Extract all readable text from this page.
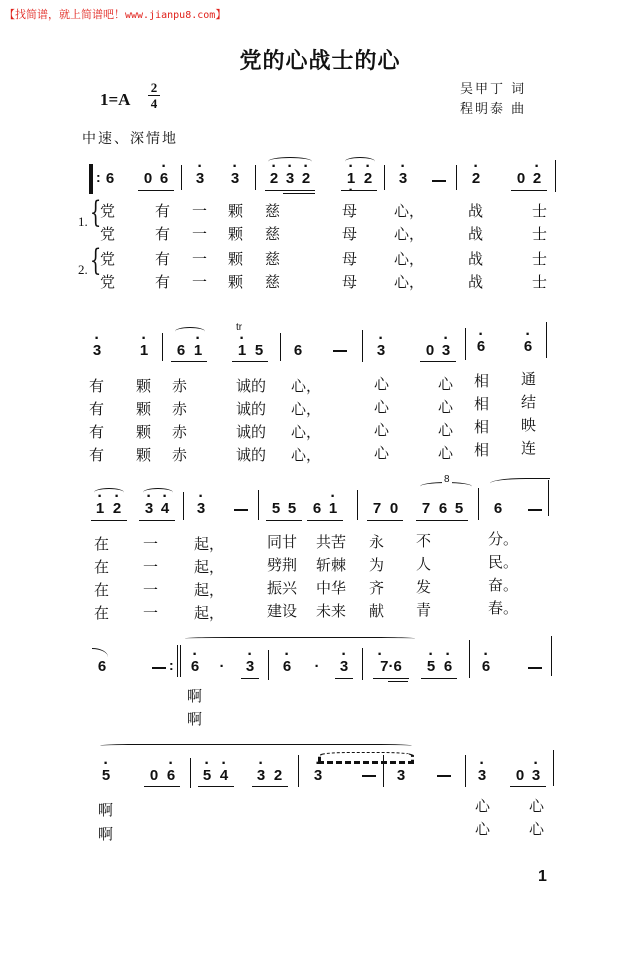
【找简谱，就上简谱吧！www.jianpu8.com】
党的心战士的心
$1=A \frac{2}{4}$	吴甲丁 词
程明泰 曲
中速、深情地
: 6 0 · 6 · 3 · 3 · 2 · 3 · 2 · 1 · · 2 · 3	· 2 0 · 2
1. {
2. {
党	有 一 颗 慈	母 心，	战	士
党	有 一 颗 慈	母 心，	战	士
党	有 一 颗 慈	母 心，	战	士
党	有 一 颗 慈	母 心，	战	士
· 3	· 1 6 · 1
tr
· 1 5 6	· 3	0 · 3 · 6	· 6
有 颗 赤	诚的 心，	心	心 相 通
有 颗 赤	诚的 心，	心	心 相 结
有 颗 赤	诚的 心，	心	心 相 映
有 颗 赤	诚的 心，	心	心 相 连
· 1 · 2 · 3 · 4 · 3	5 5 6 · 1 7 0
8
7 6 5 6
在 一 起，	同甘 共苦 永 不	分。
在 一 起，	劈荆 斩棘 为 人	民。
在 一 起，	振兴 中华 齐 发	奋。
在 一 起，	建设 未来 献 青	春。
6	: · 6 · · 3 · 6 · · 3	· 7·6	· 5 · 6 · 6
啊
啊
· 5	0 · 6 · 5 · 4 · 3 2 · 3	· 3	· 3 0 · 3
啊	心	心
啊	心	心
1
